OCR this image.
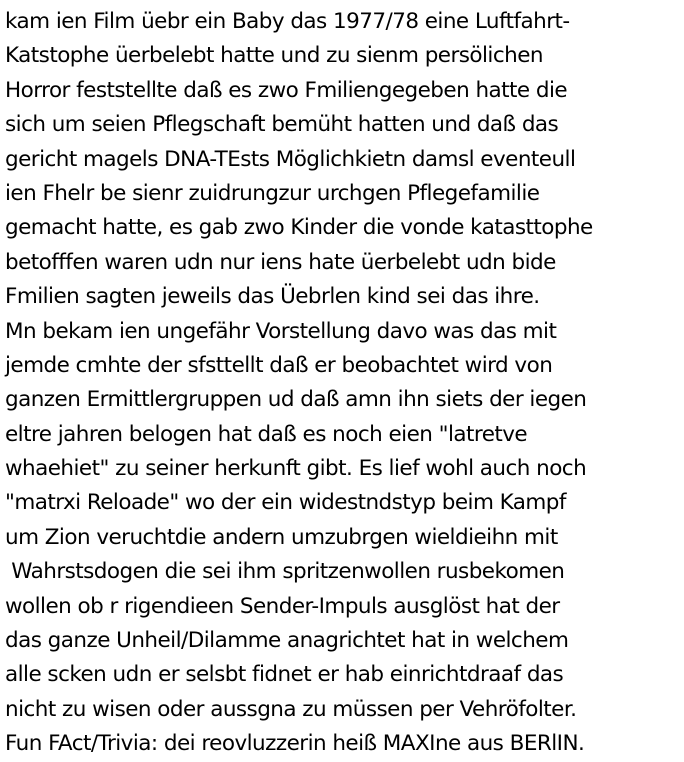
kam ien Film üebr ein Baby das 1977/78 eine Luftfahrt-
Katstophe üerbelebt hatte und zu sienm persölichen
Horror feststellte daß es zwo Fmiliengegeben hatte die
sich um seien Pflegschaft bemüht hatten und daß das
gericht magels DNA-TEsts Möglichkietn damsl eventeull
ien Fhelr be sienr zuidrungzur urchgen Pflegefamilie
gemacht hatte, es gab zwo Kinder die vonde katasttophe
betofffen waren udn nur iens hate üerbelebt udn bide
Fmilien sagten jeweils das Üebrlen kind sei das ihre.
Mn bekam ien ungefähr Vorstellung davo was das mit
jemde cmhte der sfsttellt daß er beobachtet wird von
ganzen Ermittlergruppen ud daß amn ihn siets der iegen
eltre jahren belogen hat daß es noch eien "latretve
whaehiet" zu seiner herkunft gibt. Es lief wohl auch noch
"matrxi Reloade" wo der ein widestndstyp beim Kampf
um Zion veruchtdie andern umzubrgen wieldieihn mit
Wahrstsdogen die sei ihm spritzenwollen rusbekomen
wollen ob r rigendieen Sender-Impuls ausglöst hat der
das ganze Unheil/Dilamme anagrichtet hat in welchem
alle scken udn er selsbt fidnet er hab einrichtdraaf das
nicht zu wisen oder aussgna zu müssen per Vehröfolter.
Fun FAct/Trivia: dei reovluzzerin heiß MAXIne aus BERlIN.
